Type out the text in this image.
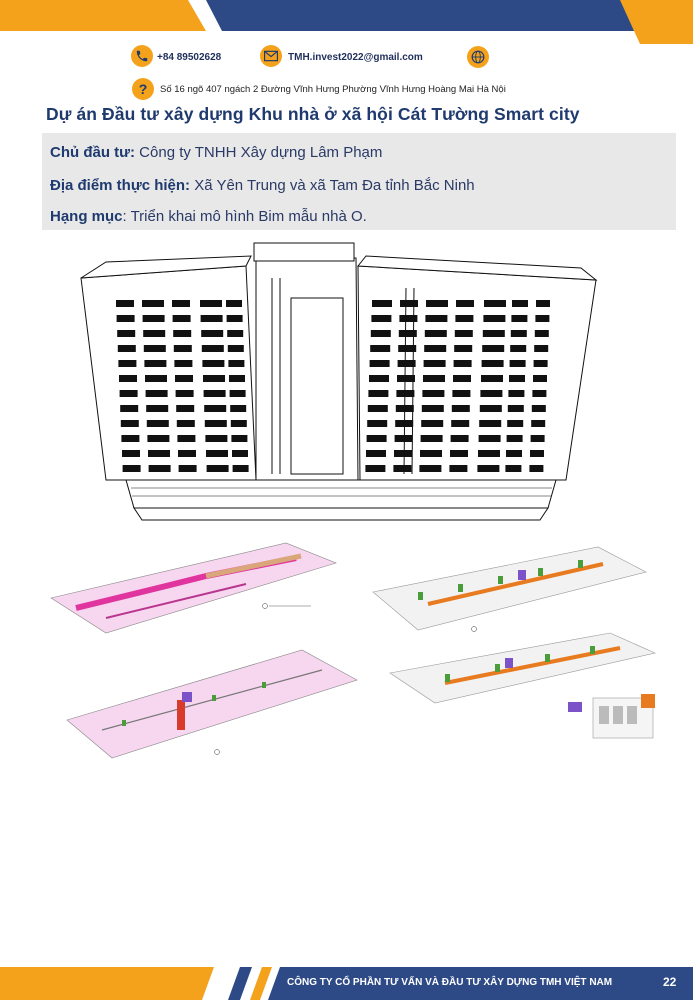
+84 89502628	TMH.invest2022@gmail.com
? Số 16 ngõ 407 ngách 2 Đường Vĩnh Hưng Phường Vĩnh Hưng Hoàng Mai Hà Nội
Dự án Đầu tư xây dựng Khu nhà ở xã hội Cát Tường Smart city
Chủ đầu tư: Công ty TNHH Xây dựng Lâm Phạm
Địa điểm thực hiện: Xã Yên Trung và xã Tam Đa tỉnh Bắc Ninh
Hạng mục: Triển khai mô hình Bim mẫu nhà O.
CÔNG TY CỔ PHẦN TƯ VẤN VÀ ĐẦU TƯ XÂY DỰNG TMH VIỆT NAM	22
